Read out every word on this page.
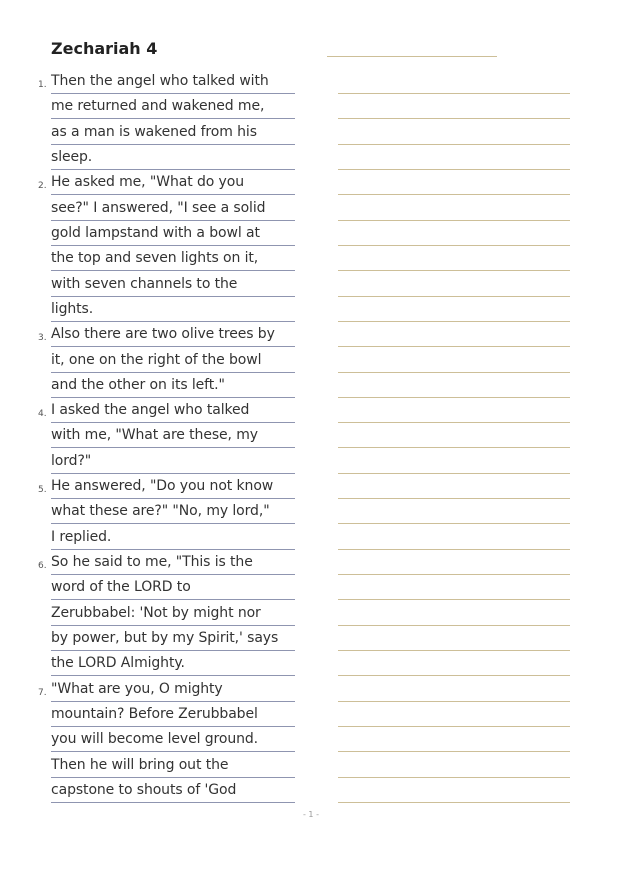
Zechariah 4
1. Then the angel who talked with
me returned and wakened me,
as a man is wakened from his
sleep.
2. He asked me, "What do you
see?" I answered, "I see a solid
gold lampstand with a bowl at
the top and seven lights on it,
with seven channels to the
lights.
3. Also there are two olive trees by
it, one on the right of the bowl
and the other on its left."
4. I asked the angel who talked
with me, "What are these, my
lord?"
5. He answered, "Do you not know
what these are?" "No, my lord,"
I replied.
6. So he said to me, "This is the
word of the LORD to
Zerubbabel: 'Not by might nor
by power, but by my Spirit,' says
the LORD Almighty.
7. "What are you, O mighty
mountain? Before Zerubbabel
you will become level ground.
Then he will bring out the
capstone to shouts of 'God
- 1 -
